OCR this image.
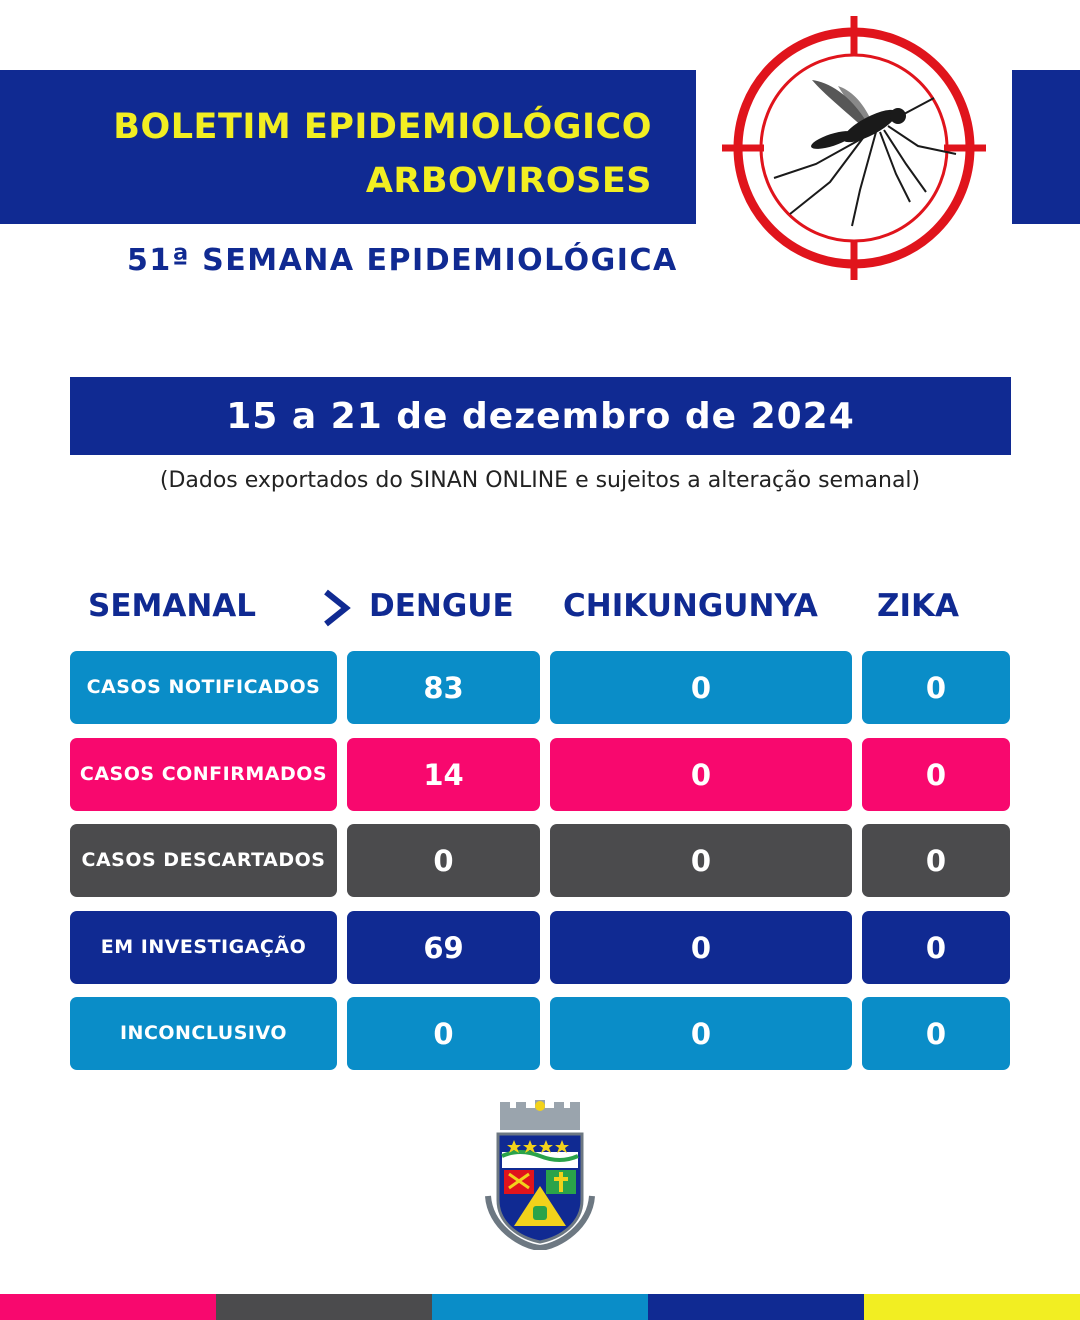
BOLETIM EPIDEMIOLÓGICO
ARBOVIROSES
51ª SEMANA EPIDEMIOLÓGICA
15 a 21 de dezembro de 2024
(Dados exportados do SINAN ONLINE e sujeitos a alteração semanal)
SEMANAL	DENGUE CHIKUNGUNYA ZIKA
CASOS NOTIFICADOS	83	0	0
CASOS CONFIRMADOS	14	0	0
CASOS DESCARTADOS	0	0	0
EM INVESTIGAÇÃO	69	0	0
INCONCLUSIVO	0	0	0
